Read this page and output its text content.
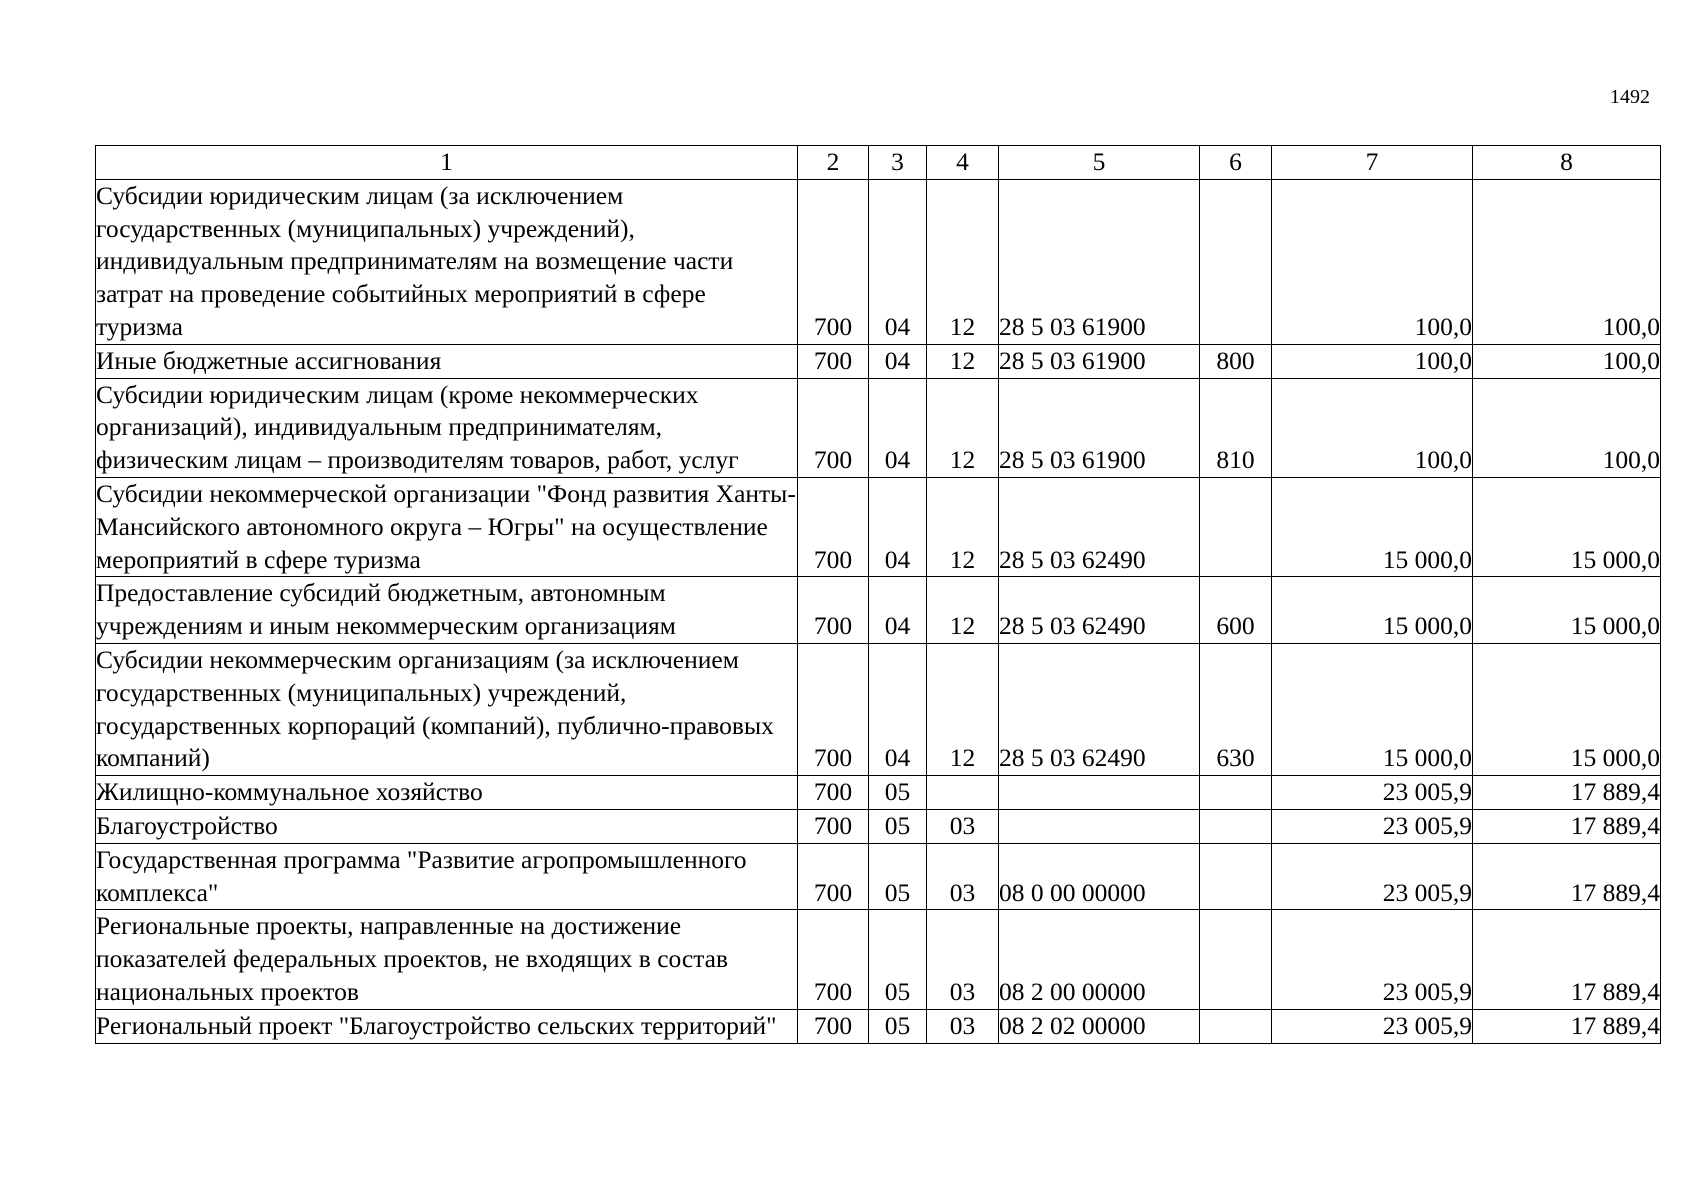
1492
1	2	3	4	5	6	7	8
Субсидии юридическим лицам (за исключением государственных (муниципальных) учреждений), индивидуальным предпринимателям на возмещение части затрат на проведение событийных мероприятий в сфере туризма	700	04	12	28 5 03 61900		100,0	100,0
Иные бюджетные ассигнования	700	04	12	28 5 03 61900	800	100,0	100,0
Субсидии юридическим лицам (кроме некоммерческих организаций), индивидуальным предпринимателям, физическим лицам – производителям товаров, работ, услуг	700	04	12	28 5 03 61900	810	100,0	100,0
Субсидии некоммерческой организации "Фонд развития Ханты-Мансийского автономного округа – Югры" на осуществление мероприятий в сфере туризма	700	04	12	28 5 03 62490		15 000,0	15 000,0
Предоставление субсидий бюджетным, автономным учреждениям и иным некоммерческим организациям	700	04	12	28 5 03 62490	600	15 000,0	15 000,0
Субсидии некоммерческим организациям (за исключением государственных (муниципальных) учреждений, государственных корпораций (компаний), публично-правовых компаний)	700	04	12	28 5 03 62490	630	15 000,0	15 000,0
Жилищно-коммунальное хозяйство	700	05				23 005,9	17 889,4
Благоустройство	700	05	03			23 005,9	17 889,4
Государственная программа "Развитие агропромышленного комплекса"	700	05	03	08 0 00 00000		23 005,9	17 889,4
Региональные проекты, направленные на достижение показателей федеральных проектов, не входящих в состав национальных проектов	700	05	03	08 2 00 00000		23 005,9	17 889,4
Региональный проект "Благоустройство сельских территорий"	700	05	03	08 2 02 00000		23 005,9	17 889,4
